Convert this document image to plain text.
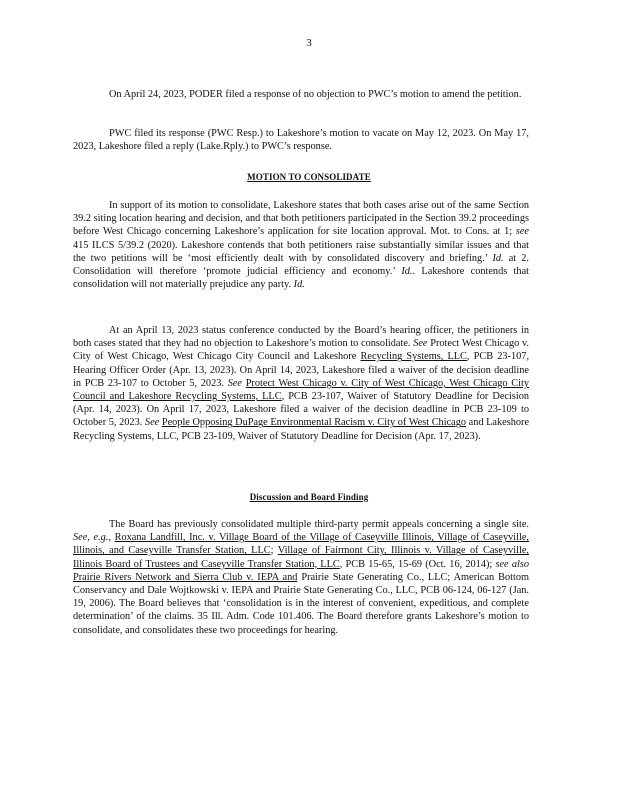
3

On April 24, 2023, PODER filed a response of no objection to PWC’s motion to amend the petition.

PWC filed its response (PWC Resp.) to Lakeshore’s motion to vacate on May 12, 2023. On May 17, 2023, Lakeshore filed a reply (Lake.Rply.) to PWC’s response.

MOTION TO CONSOLIDATE

In support of its motion to consolidate, Lakeshore states that both cases arise out of the same Section 39.2 siting location hearing and decision, and that both petitioners participated in the Section 39.2 proceedings before West Chicago concerning Lakeshore’s application for site location approval. Mot. to Cons. at 1; see 415 ILCS 5/39.2 (2020). Lakeshore contends that both petitioners raise substantially similar issues and that the two petitions will be ‘most efficiently dealt with by consolidated discovery and briefing.’ Id. at 2. Consolidation will therefore ‘promote judicial efficiency and economy.’ Id.. Lakeshore contends that consolidation will not materially prejudice any party. Id.

At an April 13, 2023 status conference conducted by the Board’s hearing officer, the petitioners in both cases stated that they had no objection to Lakeshore’s motion to consolidate. See Protect West Chicago v. City of West Chicago, West Chicago City Council and Lakeshore Recycling Systems, LLC, PCB 23-107, Hearing Officer Order (Apr. 13, 2023). On April 14, 2023, Lakeshore filed a waiver of the decision deadline in PCB 23-107 to October 5, 2023. See Protect West Chicago v. City of West Chicago, West Chicago City Council and Lakeshore Recycling Systems, LLC, PCB 23-107, Waiver of Statutory Deadline for Decision (Apr. 14, 2023). On April 17, 2023, Lakeshore filed a waiver of the decision deadline in PCB 23-109 to October 5, 2023. See People Opposing DuPage Environmental Racism v. City of West Chicago and Lakeshore Recycling Systems, LLC, PCB 23-109, Waiver of Statutory Deadline for Decision (Apr. 17, 2023).

Discussion and Board Finding

The Board has previously consolidated multiple third-party permit appeals concerning a single site. See, e.g., Roxana Landfill, Inc. v. Village Board of the Village of Caseyville Illinois, Village of Caseyville, Illinois, and Caseyville Transfer Station, LLC; Village of Fairmont City, Illinois v. Village of Caseyville, Illinois Board of Trustees and Caseyville Transfer Station, LLC, PCB 15-65, 15-69 (Oct. 16, 2014); see also Prairie Rivers Network and Sierra Club v. IEPA and Prairie State Generating Co., LLC; American Bottom Conservancy and Dale Wojtkowski v. IEPA and Prairie State Generating Co., LLC, PCB 06-124, 06-127 (Jan. 19, 2006). The Board believes that ‘consolidation is in the interest of convenient, expeditious, and complete determination’ of the claims. 35 Ill. Adm. Code 101.406. The Board therefore grants Lakeshore’s motion to consolidate, and consolidates these two proceedings for hearing.
